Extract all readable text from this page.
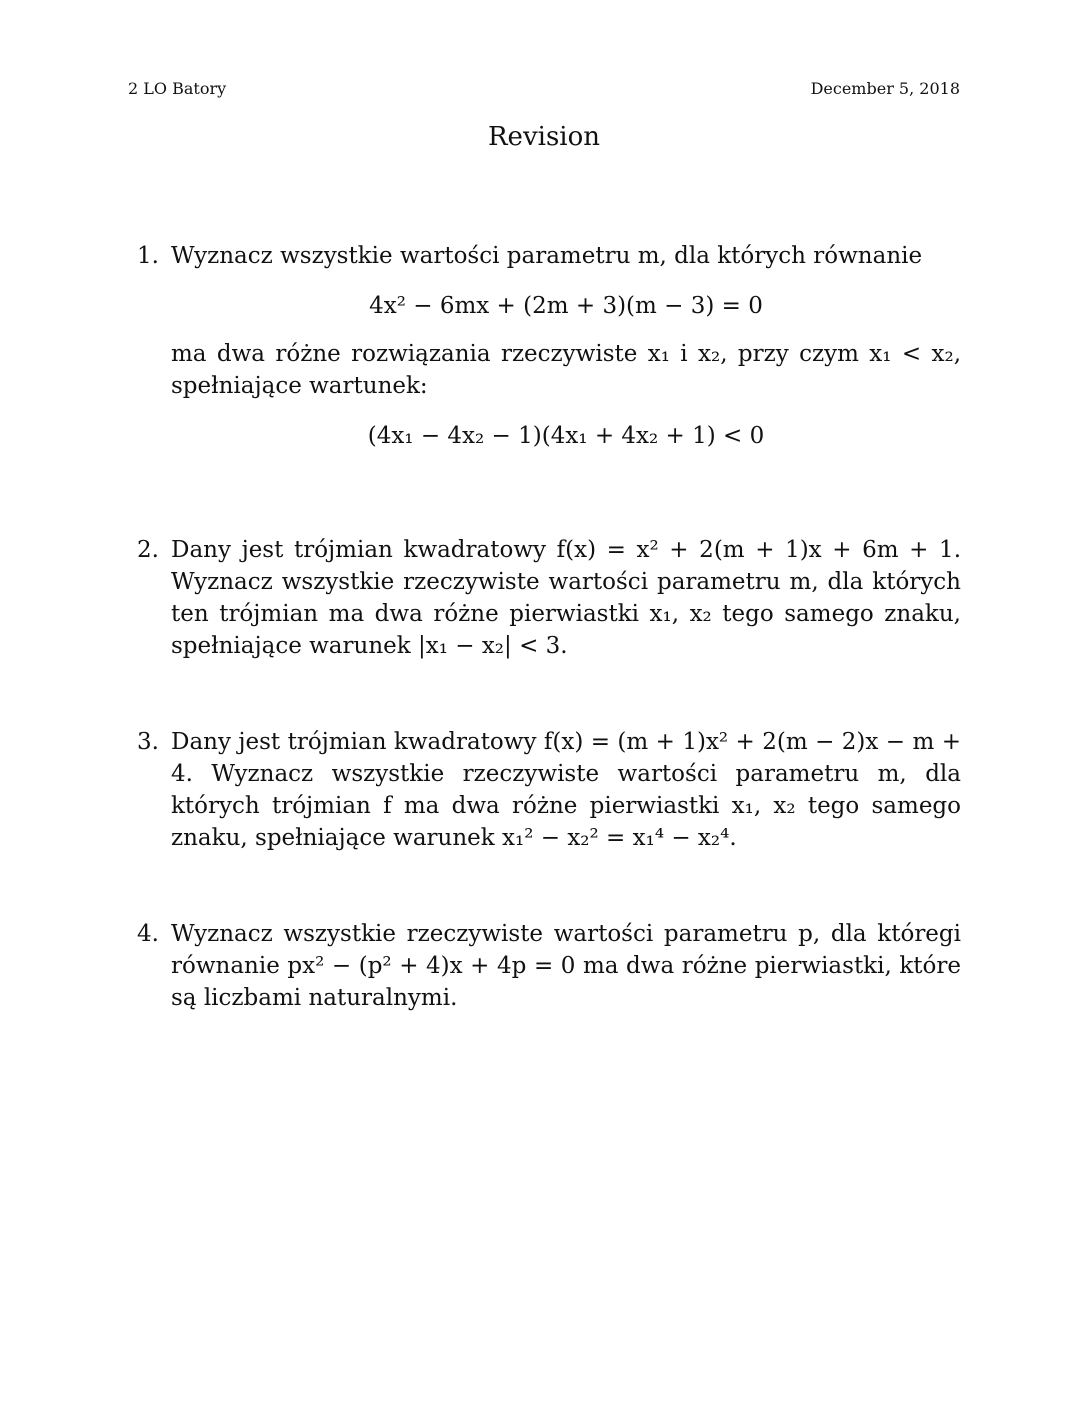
2 LO Batory	December 5, 2018
Revision
1. Wyznacz wszystkie wartości parametru m, dla których równanie

4x² − 6mx + (2m + 3)(m − 3) = 0

ma dwa różne rozwiązania rzeczywiste x₁ i x₂, przy czym x₁ < x₂, spełniające wartunek:

(4x₁ − 4x₂ − 1)(4x₁ + 4x₂ + 1) < 0
2. Dany jest trójmian kwadratowy f(x) = x² + 2(m + 1)x + 6m + 1. Wyznacz wszystkie rzeczywiste wartości parametru m, dla których ten trójmian ma dwa różne pierwiastki x₁, x₂ tego samego znaku, spełniające warunek |x₁ − x₂| < 3.

3. Dany jest trójmian kwadratowy f(x) = (m + 1)x² + 2(m − 2)x − m + 4. Wyznacz wszystkie rzeczywiste wartości parametru m, dla których trójmian f ma dwa różne pierwiastki x₁, x₂ tego samego znaku, spełniające warunek x₁² − x₂² = x₁⁴ − x₂⁴.

4. Wyznacz wszystkie rzeczywiste wartości parametru p, dla któregi równanie px² − (p² + 4)x + 4p = 0 ma dwa różne pierwiastki, które są liczbami naturalnymi.
